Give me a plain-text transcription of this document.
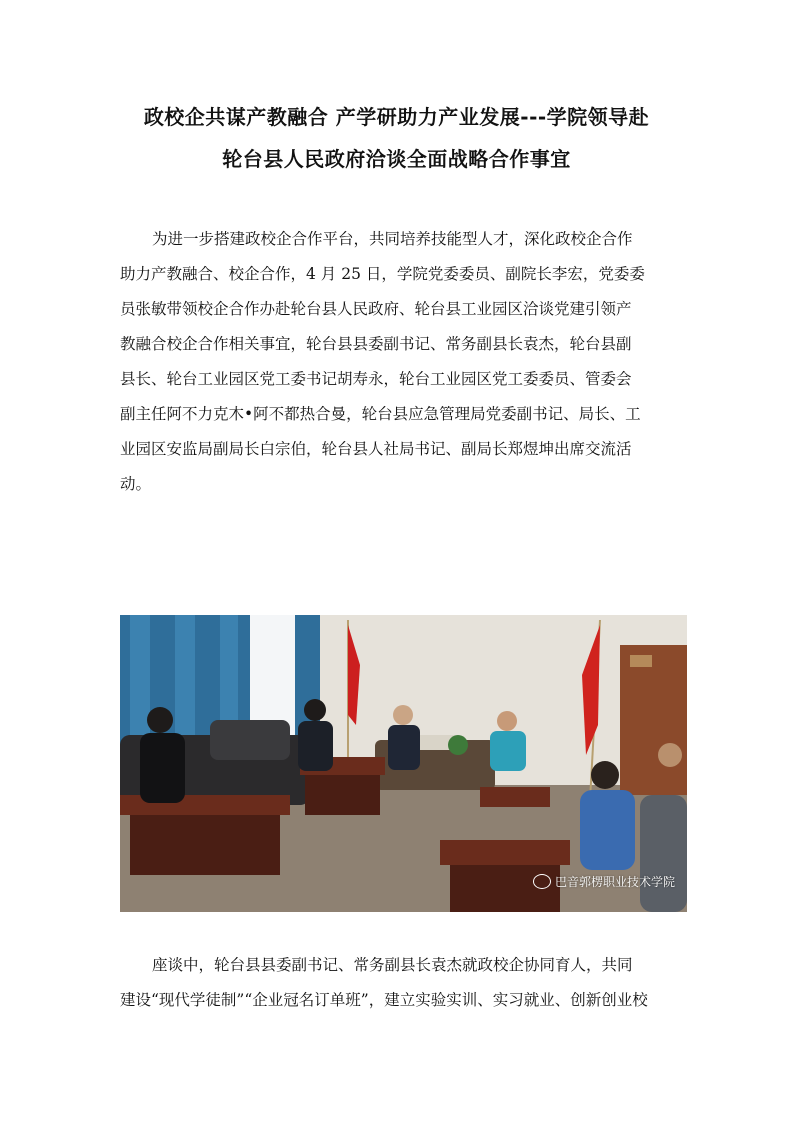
政校企共谋产教融合 产学研助力产业发展---学院领导赴
轮台县人民政府洽谈全面战略合作事宜
为进一步搭建政校企合作平台，共同培养技能型人才，深化政校企合作
助力产教融合、校企合作，4 月 25 日，学院党委委员、副院长李宏，党委委
员张敏带领校企合作办赴轮台县人民政府、轮台县工业园区洽谈党建引领产
教融合校企合作相关事宜，轮台县县委副书记、常务副县长袁杰，轮台县副
县长、轮台工业园区党工委书记胡寿永，轮台工业园区党工委委员、管委会
副主任阿不力克木•阿不都热合曼，轮台县应急管理局党委副书记、局长、工
业园区安监局副局长白宗伯，轮台县人社局书记、副局长郑煜坤出席交流活
动。
巴音郭楞职业技术学院
座谈中，轮台县县委副书记、常务副县长袁杰就政校企协同育人，共同
建设“现代学徒制”“企业冠名订单班”，建立实验实训、实习就业、创新创业校
